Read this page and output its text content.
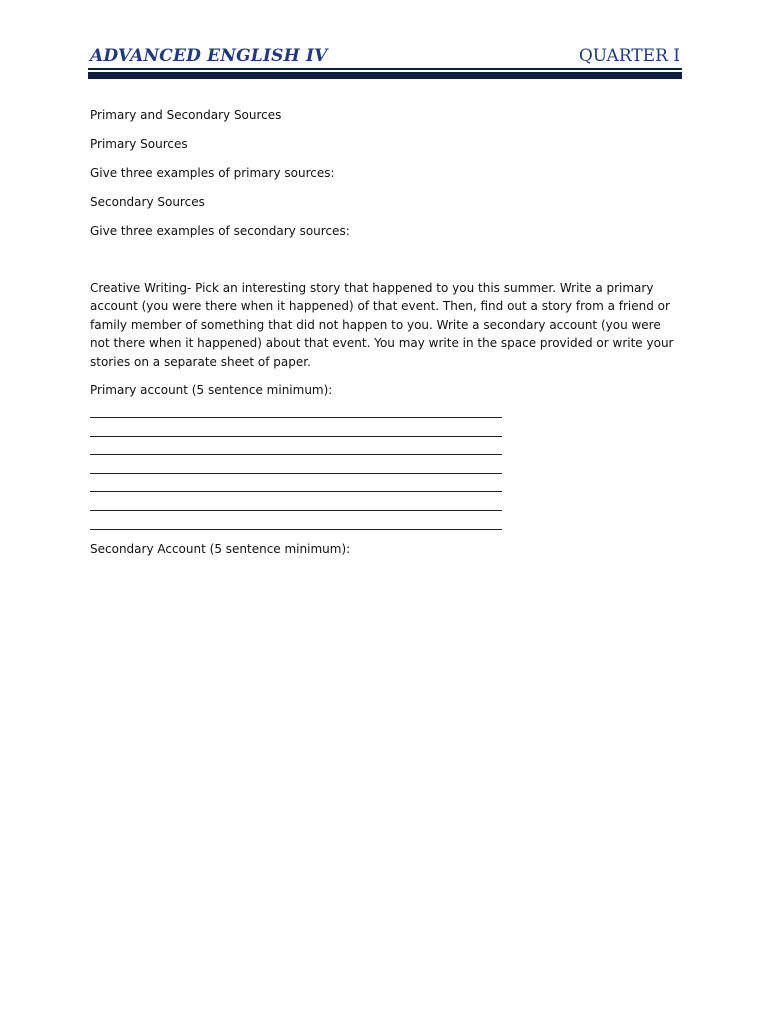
ADVANCED ENGLISH IV	QUARTER I

Primary and Secondary Sources

Primary Sources

Give three examples of primary sources:

Secondary Sources

Give three examples of secondary sources:

Creative Writing- Pick an interesting story that happened to you this summer. Write a primary account (you were there when it happened) of that event. Then, find out a story from a friend or family member of something that did not happen to you. Write a secondary account (you were not there when it happened) about that event. You may write in the space provided or write your stories on a separate sheet of paper.

Primary account (5 sentence minimum):

Secondary Account (5 sentence minimum):
